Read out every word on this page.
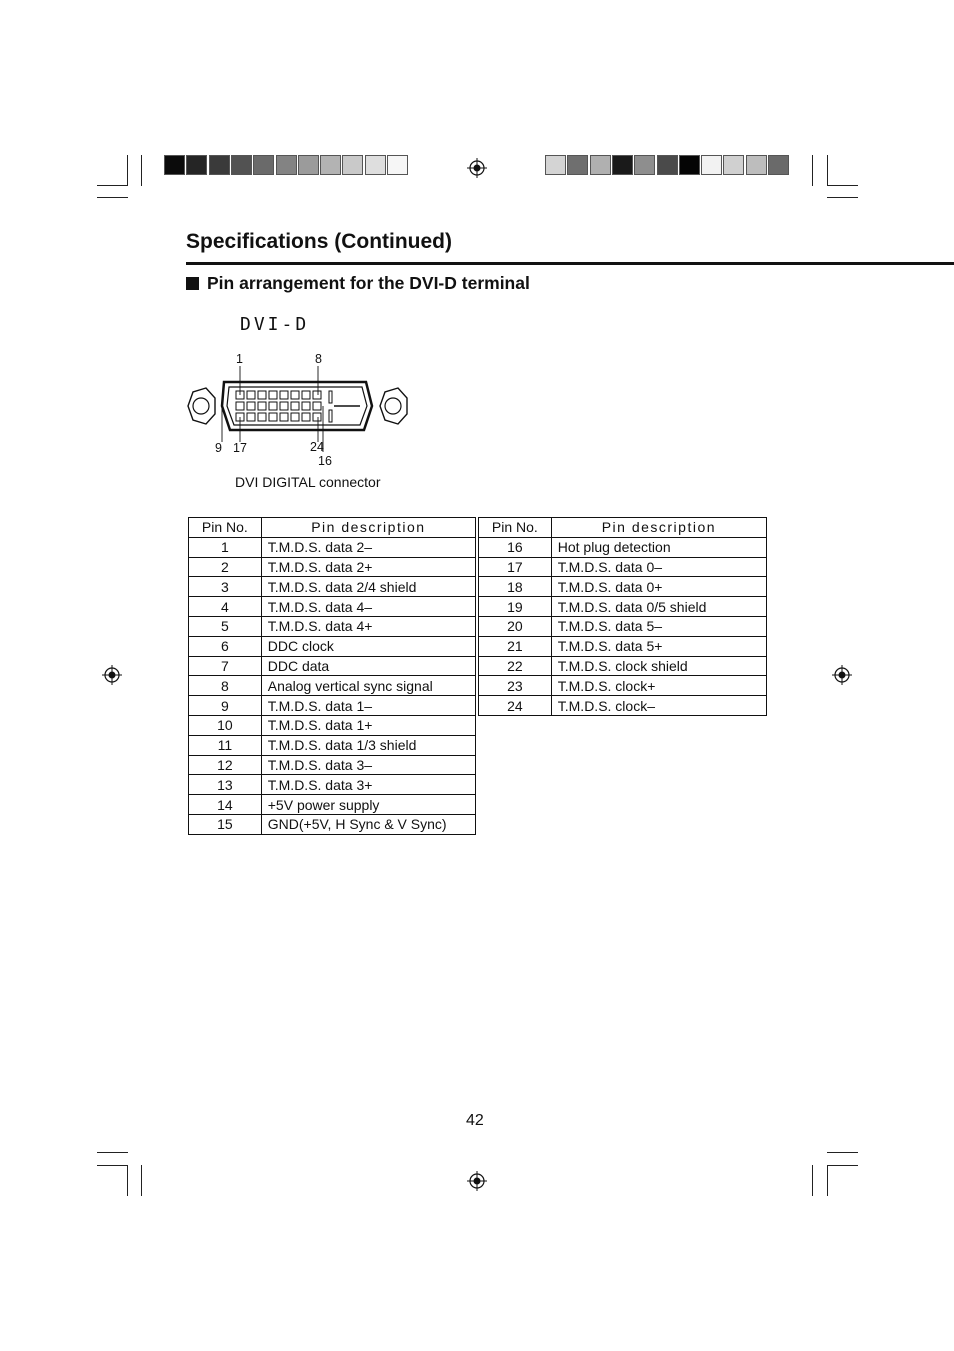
Specifications (Continued)
Pin arrangement for the DVI-D terminal
DVI-D
1	8
9 17	24
16
DVI DIGITAL connector
Pin No.	Pin description
1	T.M.D.S. data 2–
2	T.M.D.S. data 2+
3	T.M.D.S. data 2/4 shield
4	T.M.D.S. data 4–
5	T.M.D.S. data 4+
6	DDC clock
7	DDC data
8	Analog vertical sync signal
9	T.M.D.S. data 1–
10	T.M.D.S. data 1+
11	T.M.D.S. data 1/3 shield
12	T.M.D.S. data 3–
13	T.M.D.S. data 3+
14	+5V power supply
15	GND(+5V, H Sync & V Sync)
Pin No.	Pin description
16	Hot plug detection
17	T.M.D.S. data 0–
18	T.M.D.S. data 0+
19	T.M.D.S. data 0/5 shield
20	T.M.D.S. data 5–
21	T.M.D.S. data 5+
22	T.M.D.S. clock shield
23	T.M.D.S. clock+
24	T.M.D.S. clock–
42
